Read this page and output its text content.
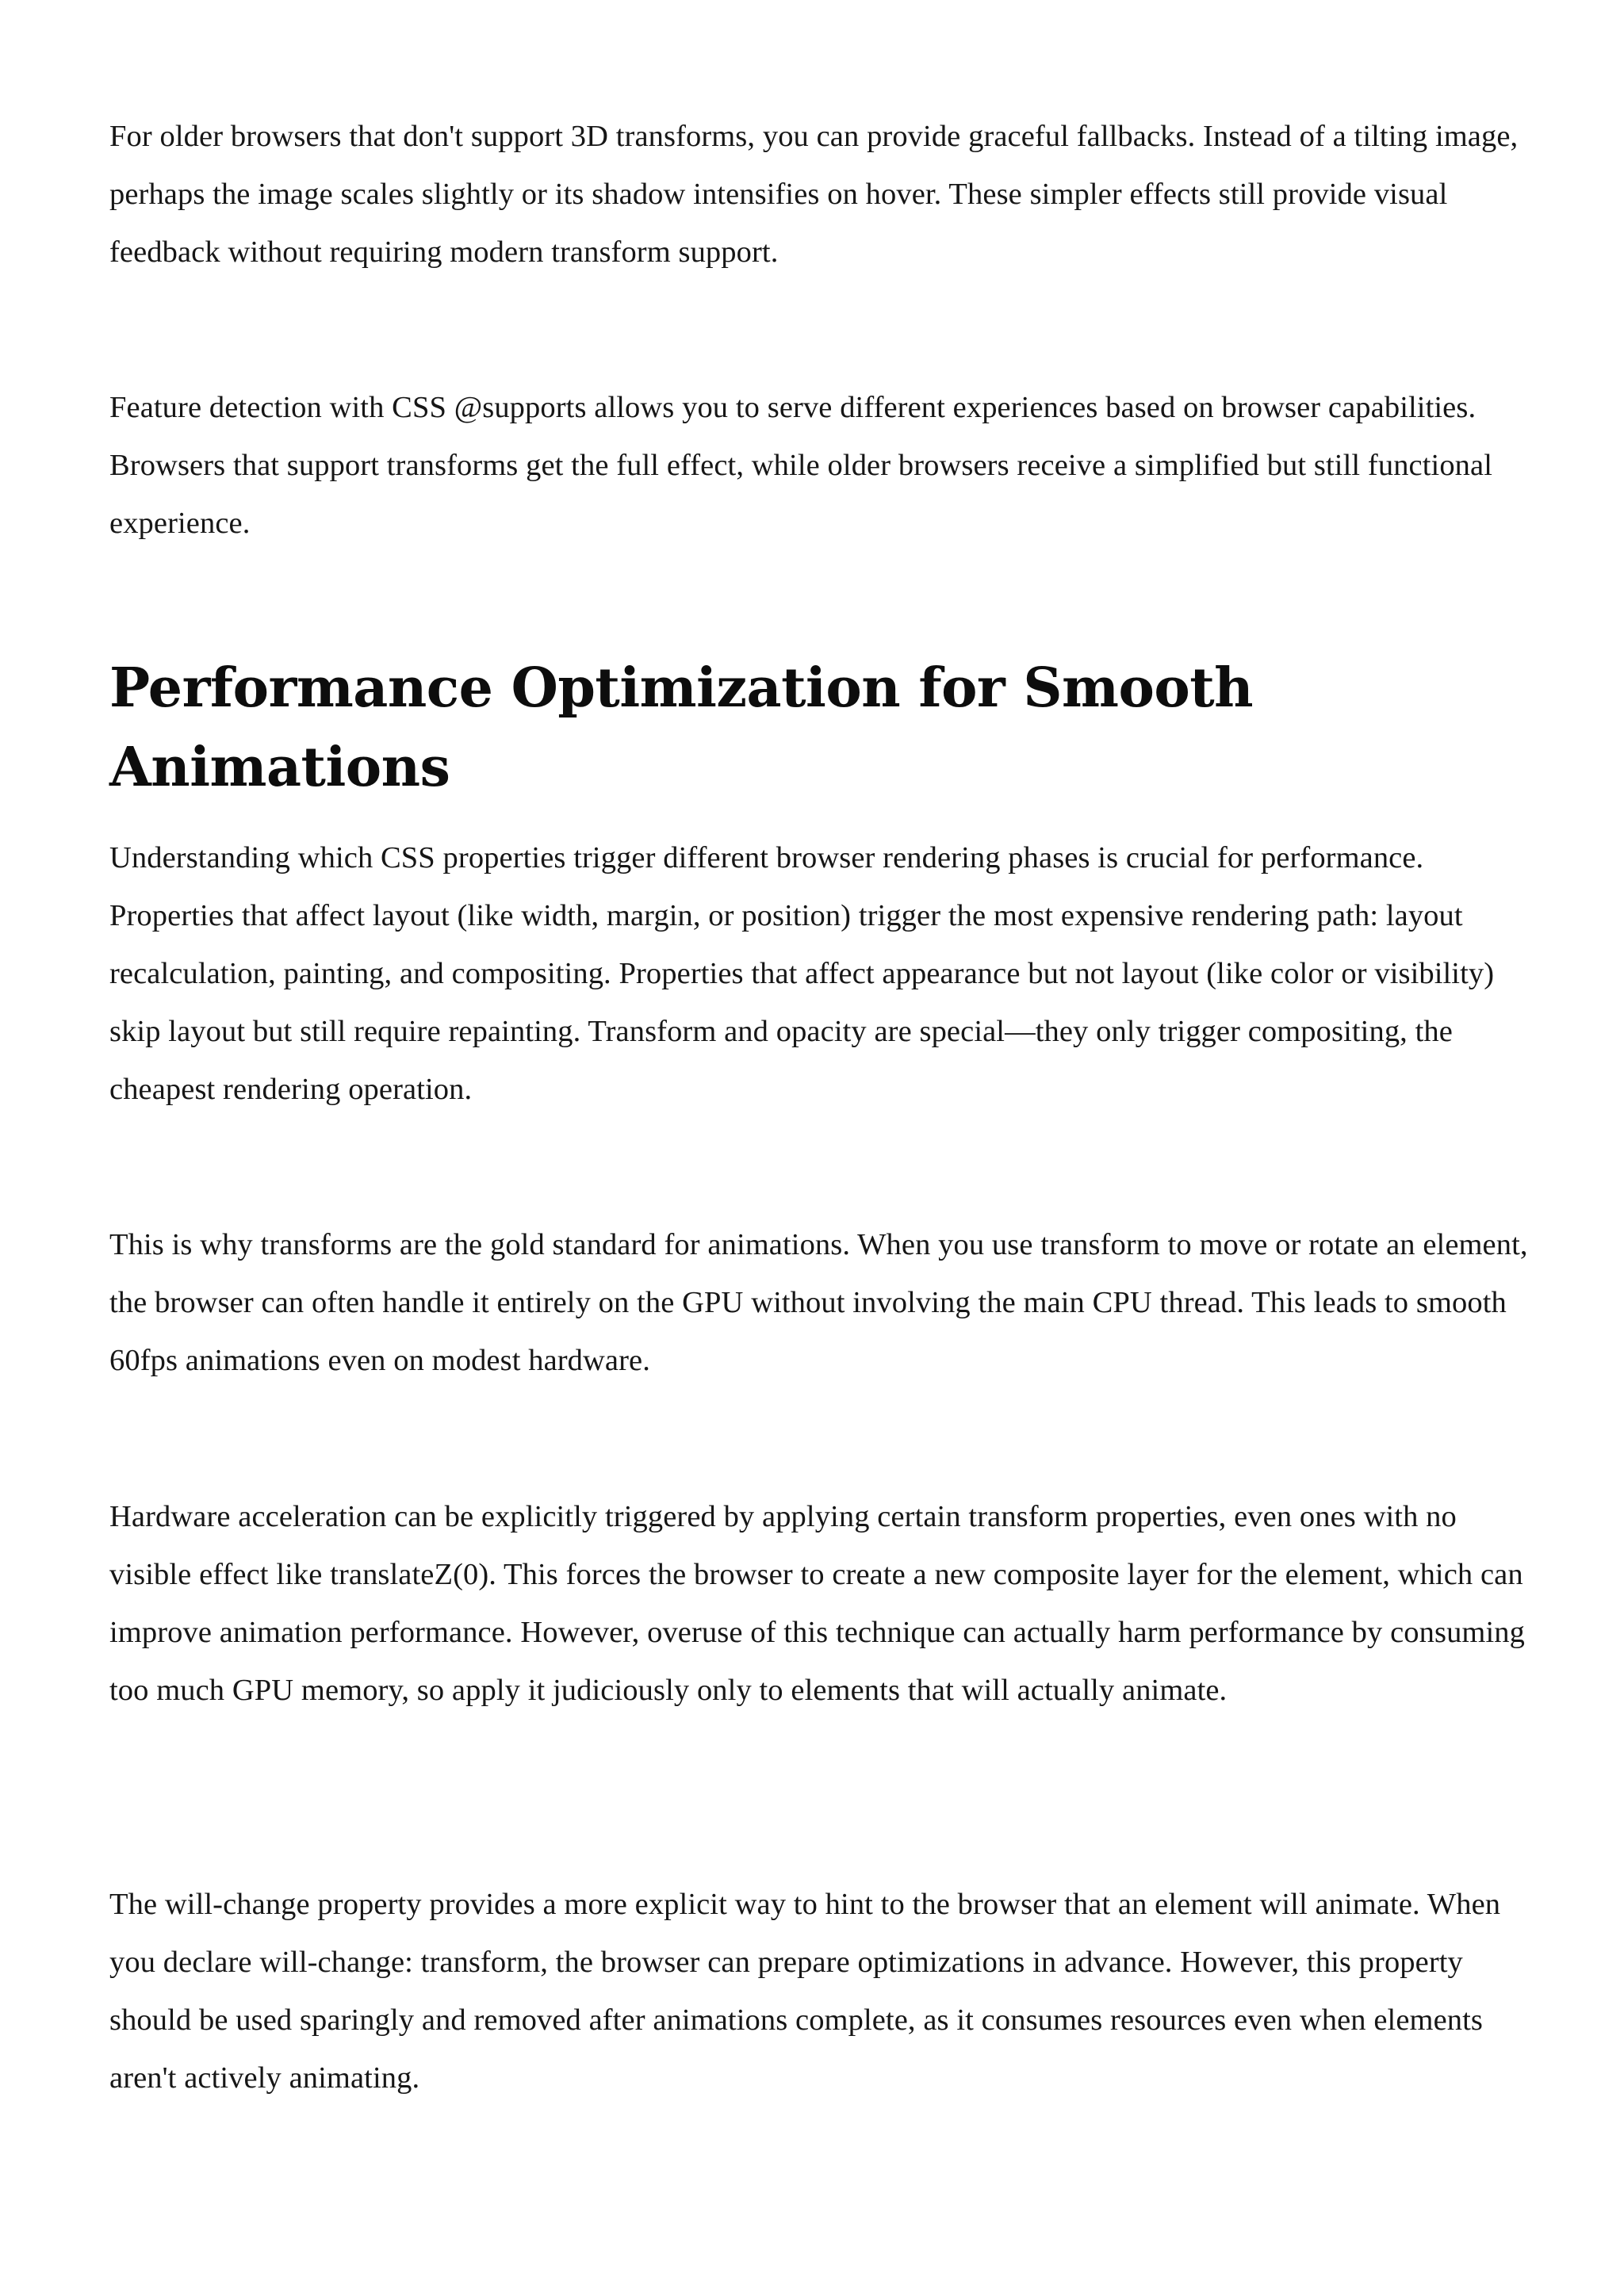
For older browsers that don't support 3D transforms, you can provide graceful fallbacks. Instead of a tilting image, perhaps the image scales slightly or its shadow intensifies on hover. These simpler effects still provide visual feedback without requiring modern transform support.

Feature detection with CSS @supports allows you to serve different experiences based on browser capabilities. Browsers that support transforms get the full effect, while older browsers receive a simplified but still functional experience.

Performance Optimization for Smooth Animations

Understanding which CSS properties trigger different browser rendering phases is crucial for performance. Properties that affect layout (like width, margin, or position) trigger the most expensive rendering path: layout recalculation, painting, and compositing. Properties that affect appearance but not layout (like color or visibility) skip layout but still require repainting. Transform and opacity are special—they only trigger compositing, the cheapest rendering operation.

This is why transforms are the gold standard for animations. When you use transform to move or rotate an element, the browser can often handle it entirely on the GPU without involving the main CPU thread. This leads to smooth 60fps animations even on modest hardware.

Hardware acceleration can be explicitly triggered by applying certain transform properties, even ones with no visible effect like translateZ(0). This forces the browser to create a new composite layer for the element, which can improve animation performance. However, overuse of this technique can actually harm performance by consuming too much GPU memory, so apply it judiciously only to elements that will actually animate.

The will-change property provides a more explicit way to hint to the browser that an element will animate. When you declare will-change: transform, the browser can prepare optimizations in advance. However, this property should be used sparingly and removed after animations complete, as it consumes resources even when elements aren't actively animating.
